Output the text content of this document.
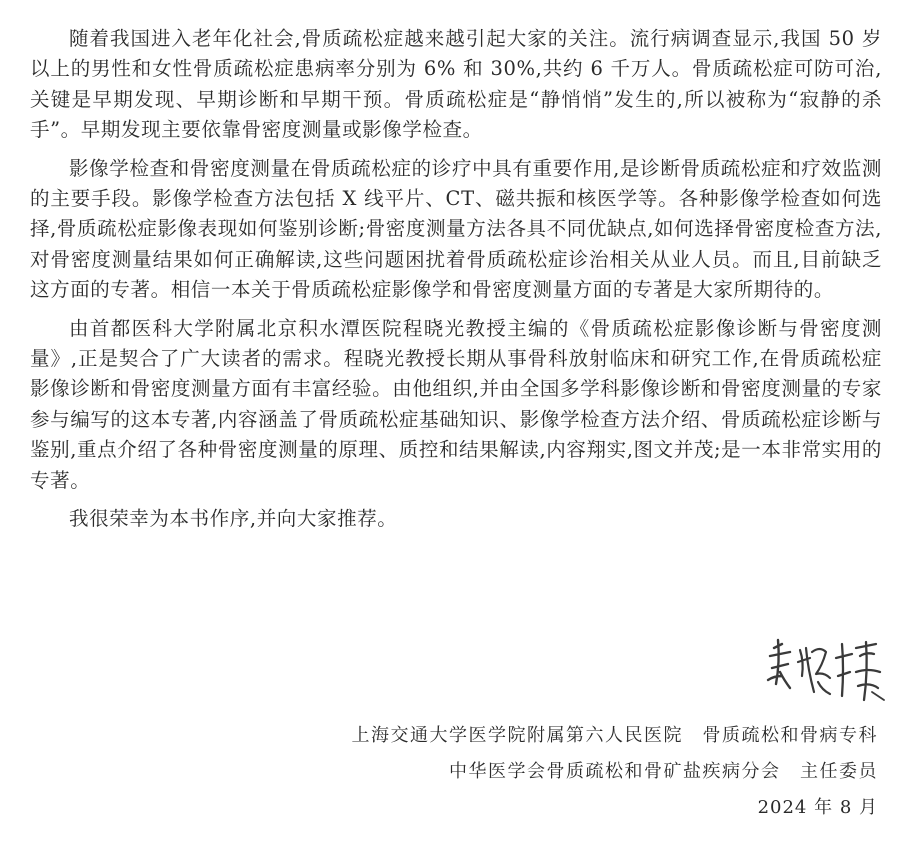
随着我国进入老年化社会,骨质疏松症越来越引起大家的关注。流行病调查显示,我国 50 岁以上的男性和女性骨质疏松症患病率分别为 6% 和 30%,共约 6 千万人。骨质疏松症可防可治,关键是早期发现、早期诊断和早期干预。骨质疏松症是“静悄悄”发生的,所以被称为“寂静的杀手”。早期发现主要依靠骨密度测量或影像学检查。

影像学检查和骨密度测量在骨质疏松症的诊疗中具有重要作用,是诊断骨质疏松症和疗效监测的主要手段。影像学检查方法包括 X 线平片、CT、磁共振和核医学等。各种影像学检查如何选择,骨质疏松症影像表现如何鉴别诊断;骨密度测量方法各具不同优缺点,如何选择骨密度检查方法,对骨密度测量结果如何正确解读,这些问题困扰着骨质疏松症诊治相关从业人员。而且,目前缺乏这方面的专著。相信一本关于骨质疏松症影像学和骨密度测量方面的专著是大家所期待的。

由首都医科大学附属北京积水潭医院程晓光教授主编的《骨质疏松症影像诊断与骨密度测量》,正是契合了广大读者的需求。程晓光教授长期从事骨科放射临床和研究工作,在骨质疏松症影像诊断和骨密度测量方面有丰富经验。由他组织,并由全国多学科影像诊断和骨密度测量的专家参与编写的这本专著,内容涵盖了骨质疏松症基础知识、影像学检查方法介绍、骨质疏松症诊断与鉴别,重点介绍了各种骨密度测量的原理、质控和结果解读,内容翔实,图文并茂;是一本非常实用的专著。

我很荣幸为本书作序,并向大家推荐。

上海交通大学医学院附属第六人民医院　骨质疏松和骨病专科
中华医学会骨质疏松和骨矿盐疾病分会　主任委员
2024 年 8 月
